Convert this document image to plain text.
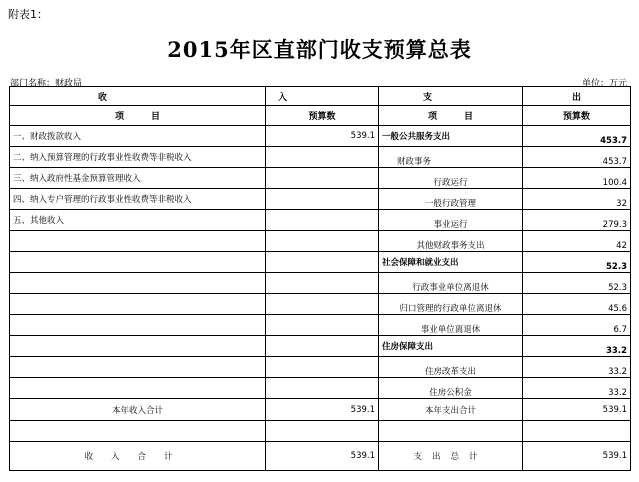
附表1：
2015年区直部门收支预算总表
部门名称：财政局	单位：万元
收	入	支	出
项　　　目	预算数	项　　　目	预算数
一、财政拨款收入	539.1	一般公共服务支出	453.7
二、纳入预算管理的行政事业性收费等非税收入		财政事务	453.7
三、纳入政府性基金预算管理收入		行政运行	100.4
四、纳入专户管理的行政事业性收费等非税收入		一般行政管理	32
五、其他收入		事业运行	279.3
		其他财政事务支出	42
		社会保障和就业支出	52.3
		行政事业单位离退休	52.3
		归口管理的行政单位离退休	45.6
		事业单位离退休	6.7
		住房保障支出	33.2
		住房改革支出	33.2
		住房公积金	33.2
本年收入合计	539.1	本年支出合计	539.1

收入合计	539.1	支出总计	539.1
